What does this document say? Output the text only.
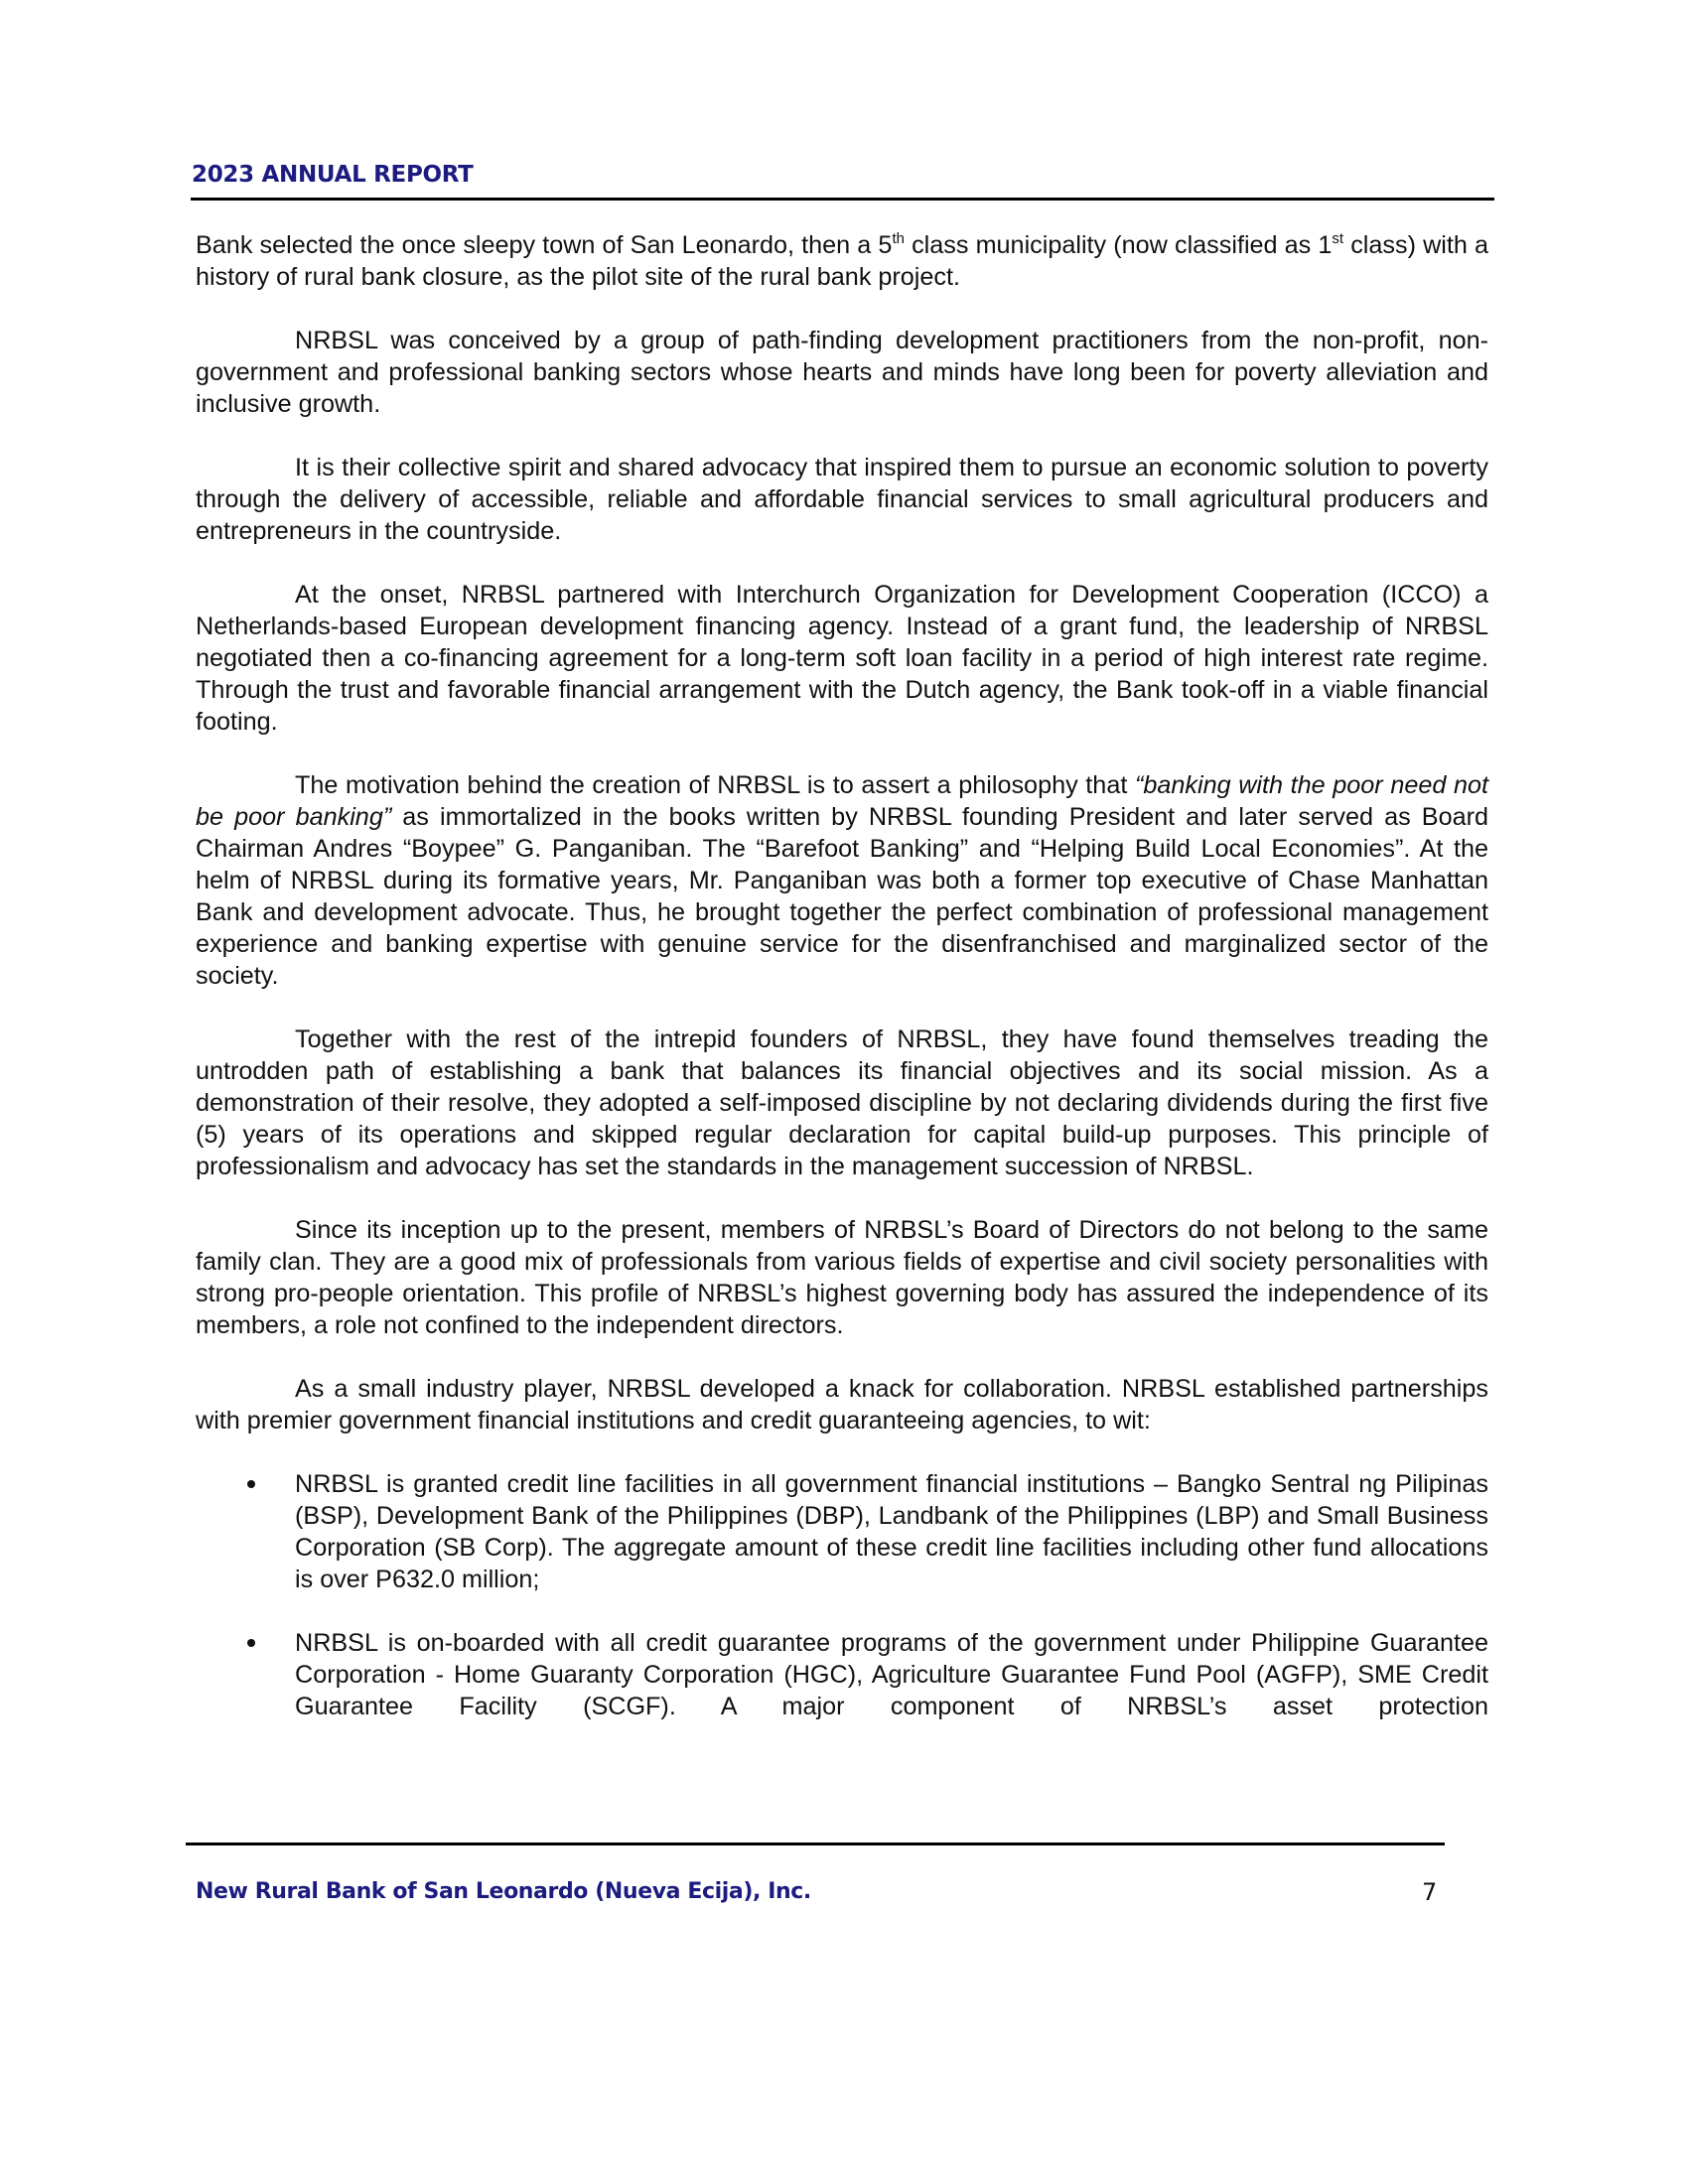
2023 ANNUAL REPORT

Bank selected the once sleepy town of San Leonardo, then a 5th class municipality (now classified as 1st class) with a history of rural bank closure, as the pilot site of the rural bank project.

NRBSL was conceived by a group of path-finding development practitioners from the non-profit, non-government and professional banking sectors whose hearts and minds have long been for poverty alleviation and inclusive growth.

It is their collective spirit and shared advocacy that inspired them to pursue an economic solution to poverty through the delivery of accessible, reliable and affordable financial services to small agricultural producers and entrepreneurs in the countryside.

At the onset, NRBSL partnered with Interchurch Organization for Development Cooperation (ICCO) a Netherlands-based European development financing agency. Instead of a grant fund, the leadership of NRBSL negotiated then a co-financing agreement for a long-term soft loan facility in a period of high interest rate regime. Through the trust and favorable financial arrangement with the Dutch agency, the Bank took-off in a viable financial footing.

The motivation behind the creation of NRBSL is to assert a philosophy that “banking with the poor need not be poor banking” as immortalized in the books written by NRBSL founding President and later served as Board Chairman Andres “Boypee” G. Panganiban. The “Barefoot Banking” and “Helping Build Local Economies”. At the helm of NRBSL during its formative years, Mr. Panganiban was both a former top executive of Chase Manhattan Bank and development advocate. Thus, he brought together the perfect combination of professional management experience and banking expertise with genuine service for the disenfranchised and marginalized sector of the society.

Together with the rest of the intrepid founders of NRBSL, they have found themselves treading the untrodden path of establishing a bank that balances its financial objectives and its social mission. As a demonstration of their resolve, they adopted a self-imposed discipline by not declaring dividends during the first five (5) years of its operations and skipped regular declaration for capital build-up purposes. This principle of professionalism and advocacy has set the standards in the management succession of NRBSL.

Since its inception up to the present, members of NRBSL’s Board of Directors do not belong to the same family clan. They are a good mix of professionals from various fields of expertise and civil society personalities with strong pro-people orientation. This profile of NRBSL’s highest governing body has assured the independence of its members, a role not confined to the independent directors.

As a small industry player, NRBSL developed a knack for collaboration. NRBSL established partnerships with premier government financial institutions and credit guaranteeing agencies, to wit:

NRBSL is granted credit line facilities in all government financial institutions – Bangko Sentral ng Pilipinas (BSP), Development Bank of the Philippines (DBP), Landbank of the Philippines (LBP) and Small Business Corporation (SB Corp). The aggregate amount of these credit line facilities including other fund allocations is over P632.0 million;
NRBSL is on-boarded with all credit guarantee programs of the government under Philippine Guarantee Corporation - Home Guaranty Corporation (HGC), Agriculture Guarantee Fund Pool (AGFP), SME Credit Guarantee Facility (SCGF). A major component of NRBSL’s asset protection
New Rural Bank of San Leonardo (Nueva Ecija), Inc.	7
